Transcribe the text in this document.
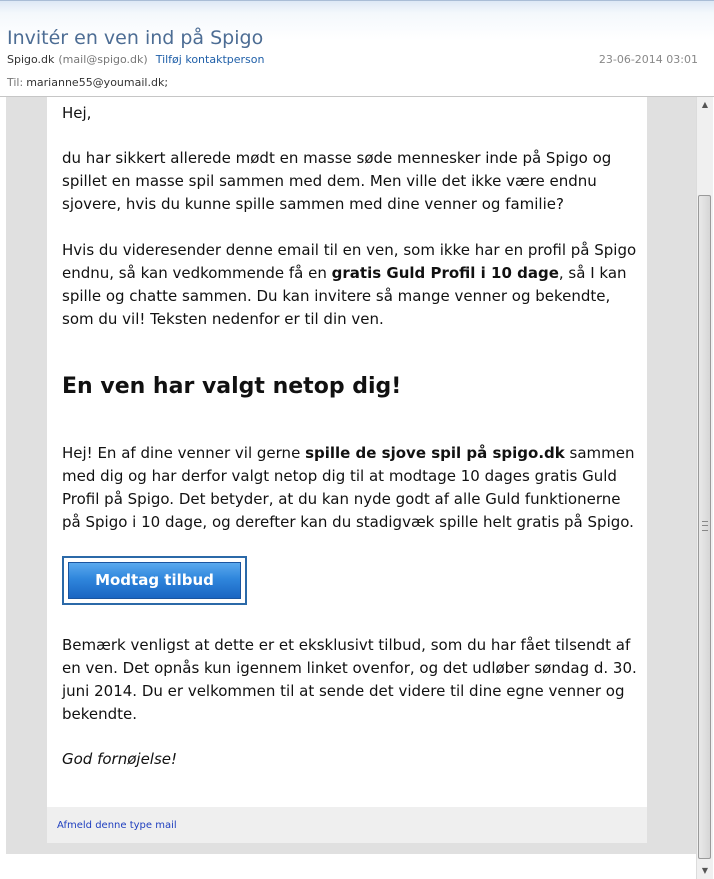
Invitér en ven ind på Spigo
Spigo.dk (mail@spigo.dk) Tilføj kontaktperson	23-06-2014 03:01
Til: marianne55@youmail.dk;

Hej,

du har sikkert allerede mødt en masse søde mennesker inde på Spigo og spillet en masse spil sammen med dem. Men ville det ikke være endnu sjovere, hvis du kunne spille sammen med dine venner og familie?

Hvis du videresender denne email til en ven, som ikke har en profil på Spigo endnu, så kan vedkommende få en gratis Guld Profil i 10 dage, så I kan spille og chatte sammen. Du kan invitere så mange venner og bekendte, som du vil! Teksten nedenfor er til din ven.

En ven har valgt netop dig!

Hej! En af dine venner vil gerne spille de sjove spil på spigo.dk sammen med dig og har derfor valgt netop dig til at modtage 10 dages gratis Guld Profil på Spigo. Det betyder, at du kan nyde godt af alle Guld funktionerne på Spigo i 10 dage, og derefter kan du stadigvæk spille helt gratis på Spigo.

Bemærk venligst at dette er et eksklusivt tilbud, som du har fået tilsendt af en ven. Det opnås kun igennem linket ovenfor, og det udløber søndag d. 30. juni 2014. Du er velkommen til at sende det videre til dine egne venner og bekendte.

God fornøjelse!

Modtag tilbud
Afmeld denne type mail
▲
▼
